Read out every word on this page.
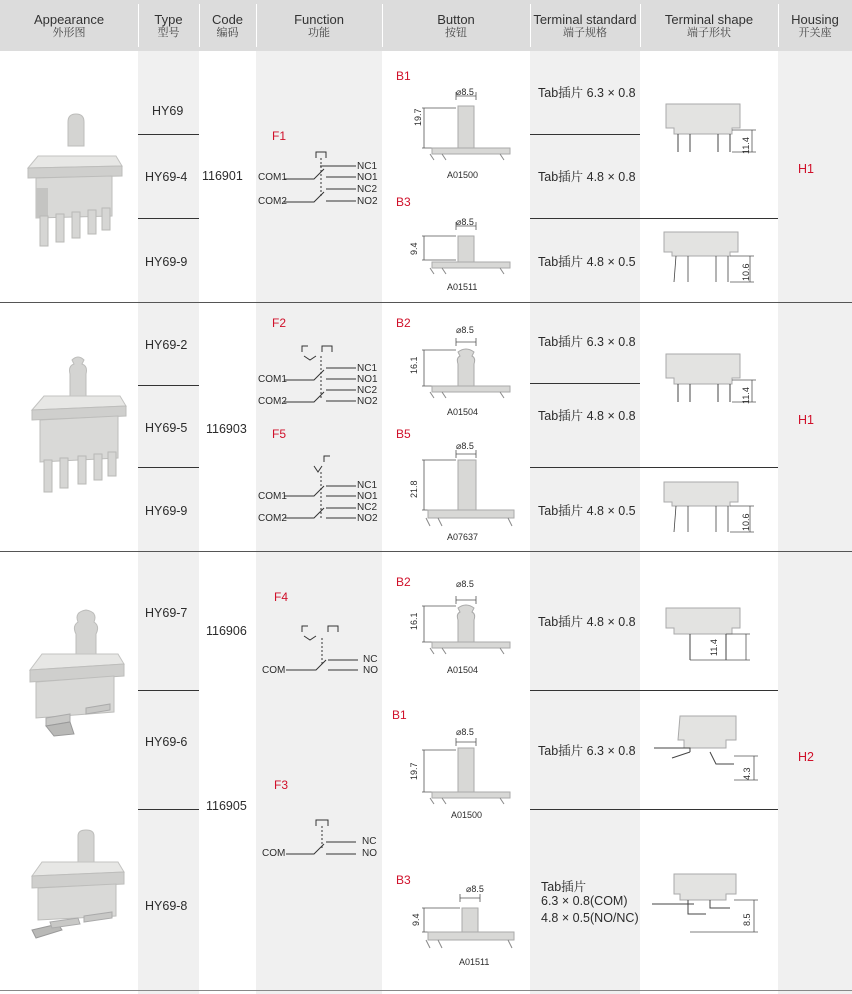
Appearance
外形图
Type
型号
Code
编码
Function
功能
Button
按钮
Terminal standard
端子规格
Terminal shape
端子形状
Housing
开关座
HY69
HY69-4
HY69-9
HY69-2
HY69-5
HY69-9
HY69-7
HY69-6
HY69-8
116901
116903
116906
116905
F1
COM1
COM2
NC1
NO1
NC2
NO2
F2
COM1
COM2
NC1
NO1
NC2
NO2
F5
COM1
COM2
NC1
NO1
NC2
NO2
F4
COM
NC
NO
F3
COM
NC
NO
B1
⌀8.5
19.7
A01500
B3
⌀8.5
9.4
A01511
B2	⌀8.5
16.1
A01504
B5
⌀8.5
21.8
A07637
B2	⌀8.5
16.1
A01504
B1
⌀8.5
19.7
A01500
B3
⌀8.5
9.4
A01511
Tab插片 6.3 × 0.8
Tab插片 4.8 × 0.8
Tab插片 4.8 × 0.5
Tab插片 6.3 × 0.8
Tab插片 4.8 × 0.8
Tab插片 4.8 × 0.5
Tab插片 4.8 × 0.8
Tab插片 6.3 × 0.8
Tab插片
6.3 × 0.8(COM)
4.8 × 0.5(NO/NC)
11.4
10.6
11.4
10.6
11.4
4.3
8.5
H1
H1
H2
